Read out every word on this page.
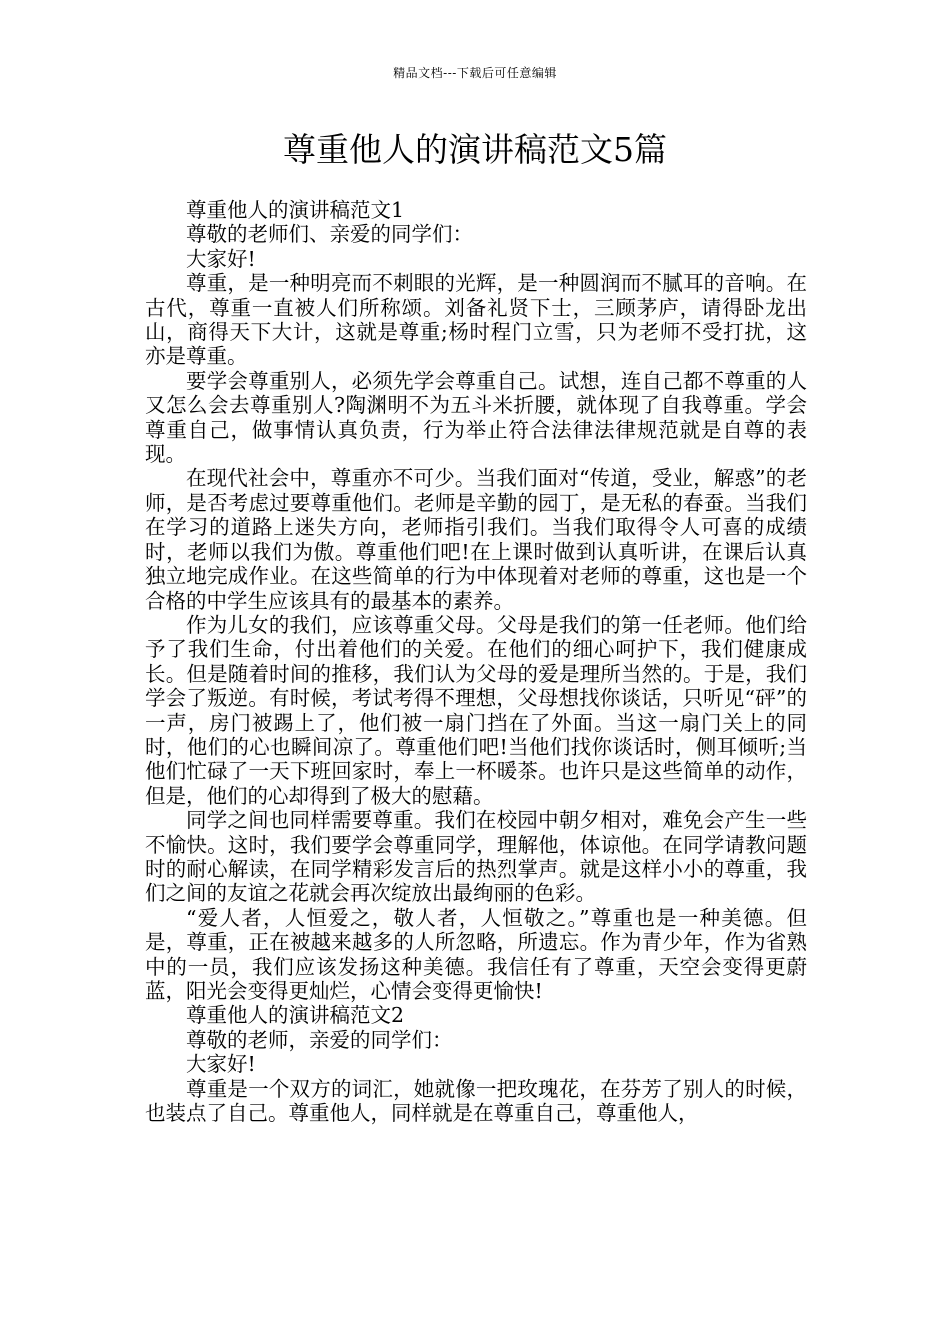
精品文档---下载后可任意编辑
尊重他人的演讲稿范文5篇

尊重他人的演讲稿范文1

尊敬的老师们、亲爱的同学们：

大家好!

尊重，是一种明亮而不刺眼的光辉，是一种圆润而不腻耳的音响。在古代，尊重一直被人们所称颂。刘备礼贤下士，三顾茅庐，请得卧龙出山，商得天下大计，这就是尊重;杨时程门立雪，只为老师不受打扰，这亦是尊重。

要学会尊重别人，必须先学会尊重自己。试想，连自己都不尊重的人又怎么会去尊重别人?陶渊明不为五斗米折腰，就体现了自我尊重。学会尊重自己，做事情认真负责，行为举止符合法律法律规范就是自尊的表现。

在现代社会中，尊重亦不可少。当我们面对“传道，受业，解惑”的老师，是否考虑过要尊重他们。老师是辛勤的园丁，是无私的春蚕。当我们在学习的道路上迷失方向，老师指引我们。当我们取得令人可喜的成绩时，老师以我们为傲。尊重他们吧!在上课时做到认真听讲，在课后认真独立地完成作业。在这些简单的行为中体现着对老师的尊重，这也是一个合格的中学生应该具有的最基本的素养。

作为儿女的我们，应该尊重父母。父母是我们的第一任老师。他们给予了我们生命，付出着他们的关爱。在他们的细心呵护下，我们健康成长。但是随着时间的推移，我们认为父母的爱是理所当然的。于是，我们学会了叛逆。有时候，考试考得不理想，父母想找你谈话，只听见“砰”的一声，房门被踢上了，他们被一扇门挡在了外面。当这一扇门关上的同时，他们的心也瞬间凉了。尊重他们吧!当他们找你谈话时，侧耳倾听;当他们忙碌了一天下班回家时，奉上一杯暖茶。也许只是这些简单的动作，但是，他们的心却得到了极大的慰藉。

同学之间也同样需要尊重。我们在校园中朝夕相对，难免会产生一些不愉快。这时，我们要学会尊重同学，理解他，体谅他。在同学请教问题时的耐心解读，在同学精彩发言后的热烈掌声。就是这样小小的尊重，我们之间的友谊之花就会再次绽放出最绚丽的色彩。

“爱人者，人恒爱之，敬人者，人恒敬之。”尊重也是一种美德。但是，尊重，正在被越来越多的人所忽略，所遗忘。作为青少年，作为省熟中的一员，我们应该发扬这种美德。我信任有了尊重，天空会变得更蔚蓝，阳光会变得更灿烂，心情会变得更愉快!

尊重他人的演讲稿范文2

尊敬的老师，亲爱的同学们：

大家好!

尊重是一个双方的词汇，她就像一把玫瑰花，在芬芳了别人的时候，也装点了自己。尊重他人，同样就是在尊重自己，尊重他人，
